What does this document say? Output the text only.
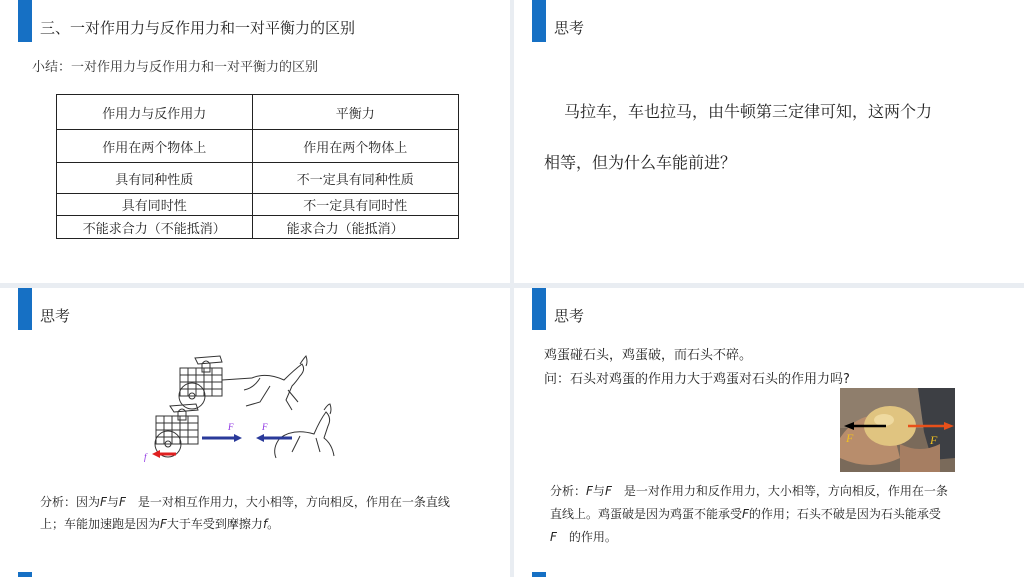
三、一对作用力与反作用力和一对平衡力的区别
小结：一对作用力与反作用力和一对平衡力的区别
作用力与反作用力	平衡力
作用在两个物体上	作用在两个物体上
具有同种性质	不一定具有同种性质
具有同时性	不一定具有同时性
不能求合力（不能抵消）	能求合力（能抵消）
思考
马拉车，车也拉马，由牛顿第三定律可知，这两个力
相等，但为什么车能前进？
思考
f
F	F
分析：因为F与F　是一对相互作用力，大小相等，方向相反，作用在一条直线
上；车能加速跑是因为F大于车受到摩擦力f。
思考
鸡蛋碰石头，鸡蛋破，而石头不碎。
问：石头对鸡蛋的作用力大于鸡蛋对石头的作用力吗?
F	F
分析：F与F　是一对作用力和反作用力，大小相等，方向相反，作用在一条
直线上。鸡蛋破是因为鸡蛋不能承受F的作用；石头不破是因为石头能承受
F　的作用。
